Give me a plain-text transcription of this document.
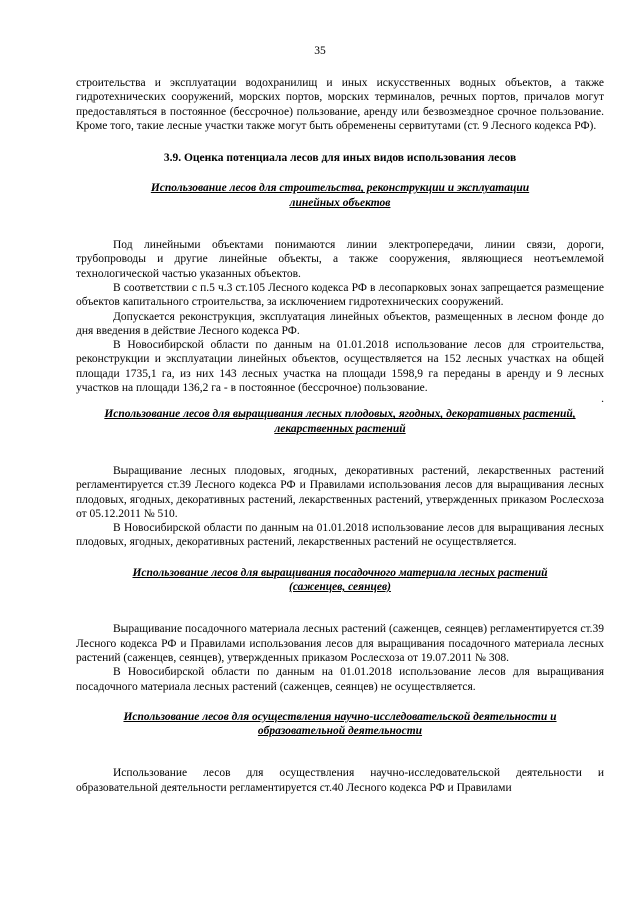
35

строительства и эксплуатации водохранилищ и иных искусственных водных объектов, а также гидротехнических сооружений, морских портов, морских терминалов, речных портов, причалов могут предоставляться в постоянное (бессрочное) пользование, аренду или безвозмездное срочное пользование. Кроме того, такие лесные участки также могут быть обременены сервитутами (ст. 9 Лесного кодекса РФ).

3.9. Оценка потенциала лесов для иных видов использования лесов
Использование лесов для строительства, реконструкции и эксплуатации
линейных объектов

Под линейными объектами понимаются линии электропередачи, линии связи, дороги, трубопроводы и другие линейные объекты, а также сооружения, являющиеся неотъемлемой технологической частью указанных объектов.

В соответствии с п.5 ч.3 ст.105 Лесного кодекса РФ в лесопарковых зонах запрещается размещение объектов капитального строительства, за исключением гидротехнических сооружений.

Допускается реконструкция, эксплуатация линейных объектов, размещенных в лесном фонде до дня введения в действие Лесного кодекса РФ.

В Новосибирской области по данным на 01.01.2018 использование лесов для строительства, реконструкции и эксплуатации линейных объектов, осуществляется на 152 лесных участках на общей площади 1735,1 га, из них 143 лесных участка на площади 1598,9 га переданы в аренду и 9 лесных участков на площади 136,2 га - в постоянное (бессрочное) пользование.

.
Использование лесов для выращивания лесных плодовых, ягодных, декоративных растений,
лекарственных растений

Выращивание лесных плодовых, ягодных, декоративных растений, лекарственных растений регламентируется ст.39 Лесного кодекса РФ и Правилами использования лесов для выращивания лесных плодовых, ягодных, декоративных растений, лекарственных растений, утвержденных приказом Рослесхоза от 05.12.2011 № 510.

В Новосибирской области по данным на 01.01.2018 использование лесов для выращивания лесных плодовых, ягодных, декоративных растений, лекарственных растений не осуществляется.

Использование лесов для выращивания посадочного материала лесных растений
(саженцев, сеянцев)

Выращивание посадочного материала лесных растений (саженцев, сеянцев) регламентируется ст.39 Лесного кодекса РФ и Правилами использования лесов для выращивания посадочного материала лесных растений (саженцев, сеянцев), утвержденных приказом Рослесхоза от 19.07.2011 № 308.

В Новосибирской области по данным на 01.01.2018 использование лесов для выращивания посадочного материала лесных растений (саженцев, сеянцев) не осуществляется.

Использование лесов для осуществления научно-исследовательской деятельности и
образовательной деятельности

Использование лесов для осуществления научно-исследовательской деятельности и образовательной деятельности регламентируется ст.40 Лесного кодекса РФ и Правилами
